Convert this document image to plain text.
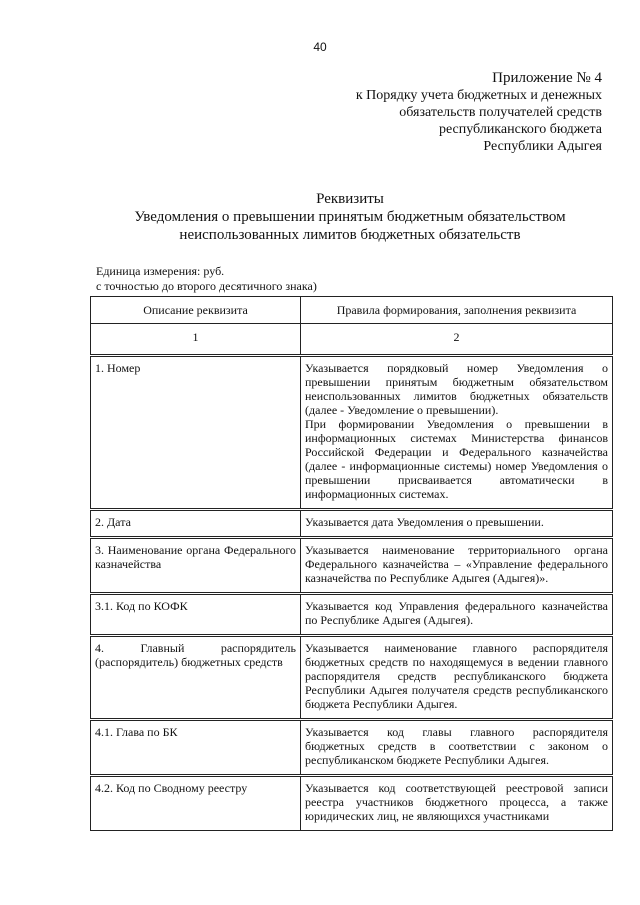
40
Приложение № 4
к Порядку учета бюджетных и денежных
обязательств получателей средств
республиканского бюджета
Республики Адыгея
Реквизиты
Уведомления о превышении принятым бюджетным обязательством
неиспользованных лимитов бюджетных обязательств
Единица измерения: руб.
с точностью до второго десятичного знака)
Описание реквизита	Правила формирования, заполнения реквизита
1	2
1. Номер	Указывается порядковый номер Уведомления о превышении принятым бюджетным обязательством неиспользованных лимитов бюджетных обязательств (далее - Уведомление о превышении).
При формировании Уведомления о превышении в информационных системах Министерства финансов Российской Федерации и Федерального казначейства (далее - информационные системы) номер Уведомления о превышении присваивается автоматически в информационных системах.

2. Дата	Указывается дата Уведомления о превышении.
3. Наименование органа Федерального казначейства	Указывается наименование территориального органа Федерального казначейства – «Управление федерального казначейства по Республике Адыгея (Адыгея)».
3.1. Код по КОФК	Указывается код Управления федерального казначейства по Республике Адыгея (Адыгея).
4. Главный распорядитель (распорядитель) бюджетных средств	Указывается наименование главного распорядителя бюджетных средств по находящемуся в ведении главного распорядителя средств республиканского бюджета Республики Адыгея получателя средств республиканского бюджета Республики Адыгея.
4.1. Глава по БК	Указывается код главы главного распорядителя бюджетных средств в соответствии с законом о республиканском бюджете Республики Адыгея.
4.2. Код по Сводному реестру	Указывается код соответствующей реестровой записи реестра участников бюджетного процесса, а также юридических лиц, не являющихся участниками
